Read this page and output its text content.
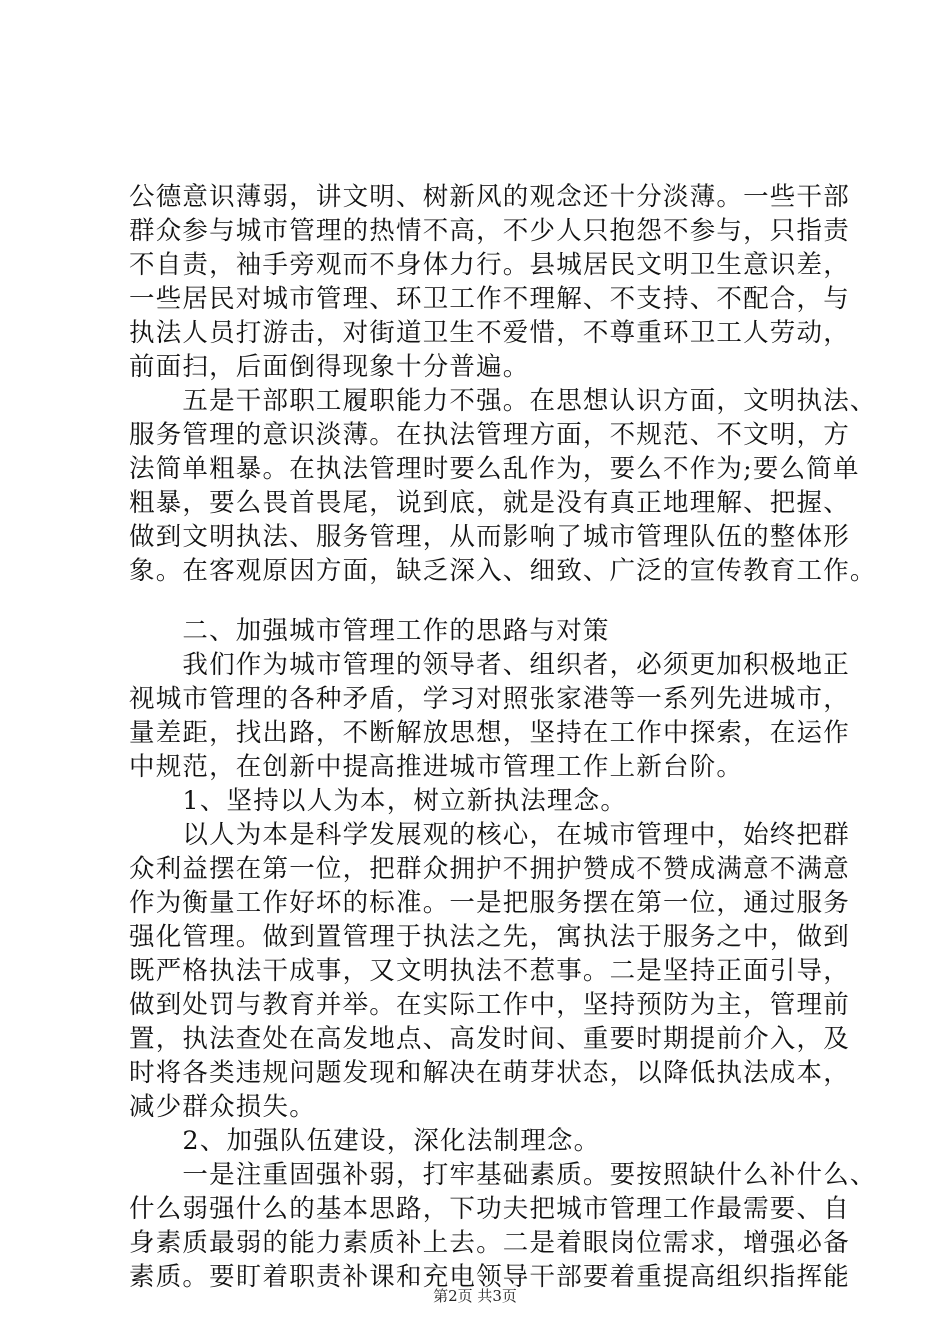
公德意识薄弱，讲文明、树新风的观念还十分淡薄。一些干部
群众参与城市管理的热情不高，不少人只抱怨不参与，只指责
不自责，袖手旁观而不身体力行。县城居民文明卫生意识差，
一些居民对城市管理、环卫工作不理解、不支持、不配合，与
执法人员打游击，对街道卫生不爱惜，不尊重环卫工人劳动，
前面扫，后面倒得现象十分普遍。
　　五是干部职工履职能力不强。在思想认识方面，文明执法、
服务管理的意识淡薄。在执法管理方面，不规范、不文明，方
法简单粗暴。在执法管理时要么乱作为，要么不作为;要么简单
粗暴，要么畏首畏尾，说到底，就是没有真正地理解、把握、
做到文明执法、服务管理，从而影响了城市管理队伍的整体形
象。在客观原因方面，缺乏深入、细致、广泛的宣传教育工作。
　　二、加强城市管理工作的思路与对策
　　我们作为城市管理的领导者、组织者，必须更加积极地正
视城市管理的各种矛盾，学习对照张家港等一系列先进城市，
量差距，找出路，不断解放思想，坚持在工作中探索，在运作
中规范，在创新中提高推进城市管理工作上新台阶。
　　1、坚持以人为本，树立新执法理念。
　　以人为本是科学发展观的核心，在城市管理中，始终把群
众利益摆在第一位，把群众拥护不拥护赞成不赞成满意不满意
作为衡量工作好坏的标准。一是把服务摆在第一位，通过服务
强化管理。做到置管理于执法之先，寓执法于服务之中，做到
既严格执法干成事，又文明执法不惹事。二是坚持正面引导，
做到处罚与教育并举。在实际工作中，坚持预防为主，管理前
置，执法查处在高发地点、高发时间、重要时期提前介入，及
时将各类违规问题发现和解决在萌芽状态，以降低执法成本，
减少群众损失。
　　2、加强队伍建设，深化法制理念。
　　一是注重固强补弱，打牢基础素质。要按照缺什么补什么、
什么弱强什么的基本思路，下功夫把城市管理工作最需要、自
身素质最弱的能力素质补上去。二是着眼岗位需求，增强必备
素质。要盯着职责补课和充电领导干部要着重提高组织指挥能
第2页 共3页
